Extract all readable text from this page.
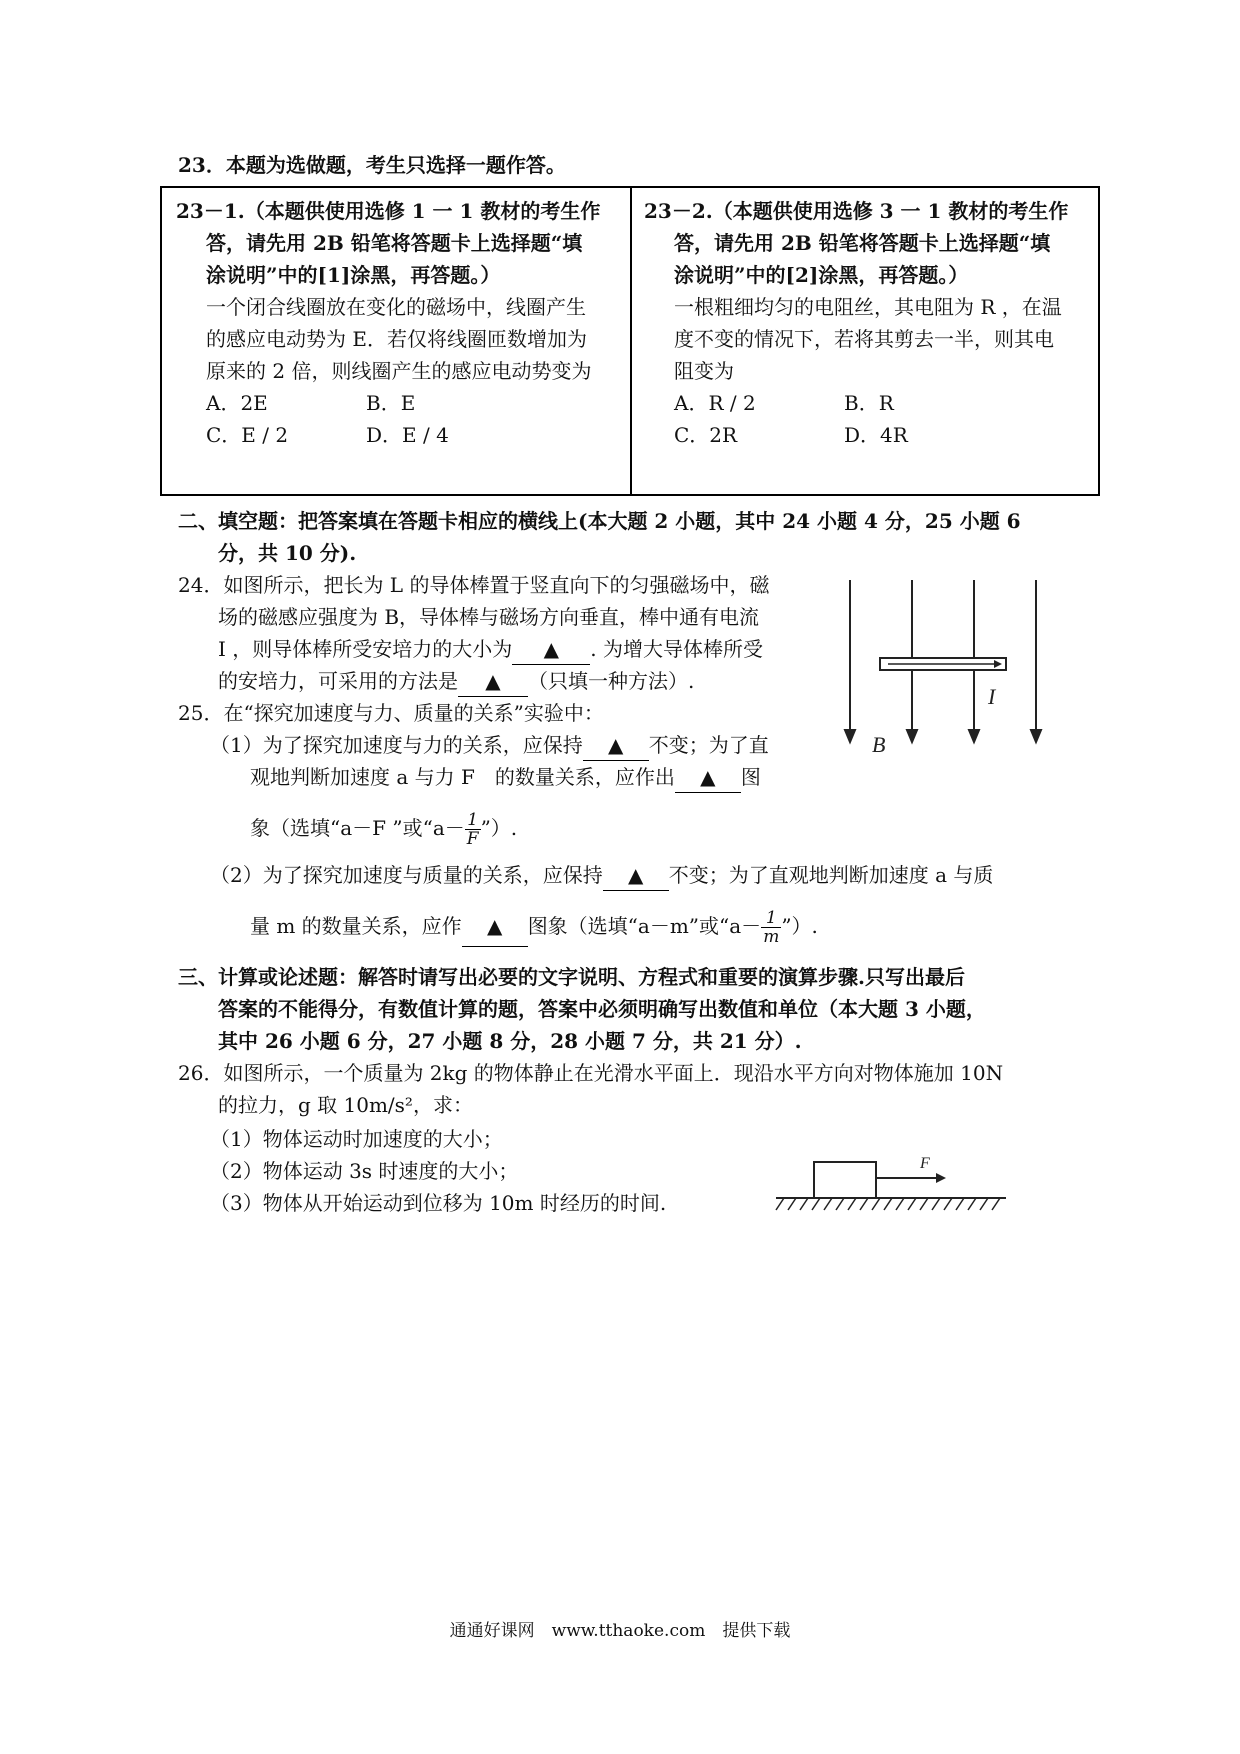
23．本题为选做题，考生只选择一题作答。
23－1.（本题供使用选修 1 一 1 教材的考生作
答，请先用 2B 铅笔将答题卡上选择题“填
涂说明”中的[1]涂黑，再答题。）
一个闭合线圈放在变化的磁场中，线圈产生
的感应电动势为 E．若仅将线圈匝数增加为
原来的 2 倍，则线圈产生的感应电动势变为
A．2E	B．E
C．E / 2	D．E / 4
23－2.（本题供使用选修 3 一 1 教材的考生作
答，请先用 2B 铅笔将答题卡上选择题“填
涂说明”中的[2]涂黑，再答题。）
一根粗细均匀的电阻丝，其电阻为 R ，在温
度不变的情况下，若将其剪去一半，则其电
阻变为
A．R / 2	B．R
C．2R	D．4R
二、填空题：把答案填在答题卡相应的横线上(本大题 2 小题，其中 24 小题 4 分，25 小题 6
分，共 10 分).
24．如图所示，把长为 L 的导体棒置于竖直向下的匀强磁场中，磁
场的磁感应强度为 B，导体棒与磁场方向垂直，棒中通有电流
I ，则导体棒所受安培力的大小为 ▲ . 为增大导体棒所受
的安培力，可采用的方法是 ▲ （只填一种方法）.
I
B
25．在“探究加速度与力、质量的关系”实验中：
（1）为了探究加速度与力的关系，应保持 ▲ 不变；为了直
观地判断加速度 a 与力 F　的数量关系，应作出 ▲ 图
象（选填“a－F ”或“$a- \frac{1}{F}$ ”）.
（2）为了探究加速度与质量的关系，应保持 ▲ 不变；为了直观地判断加速度 a 与质
量 m 的数量关系，应作 ▲ 图象（选填“a－m”或“$a- \frac{1}{m}$ ”）.
三、计算或论述题：解答时请写出必要的文字说明、方程式和重要的演算步骤.只写出最后
答案的不能得分，有数值计算的题，答案中必须明确写出数值和单位（本大题 3 小题，
其中 26 小题 6 分，27 小题 8 分，28 小题 7 分，共 21 分）.
26．如图所示，一个质量为 2kg 的物体静止在光滑水平面上．现沿水平方向对物体施加 10N
的拉力，g 取 10m/s²，求：
（1）物体运动时加速度的大小；
（2）物体运动 3s 时速度的大小；
（3）物体从开始运动到位移为 10m 时经历的时间.
F
通通好课网　www.tthaoke.com　提供下载
